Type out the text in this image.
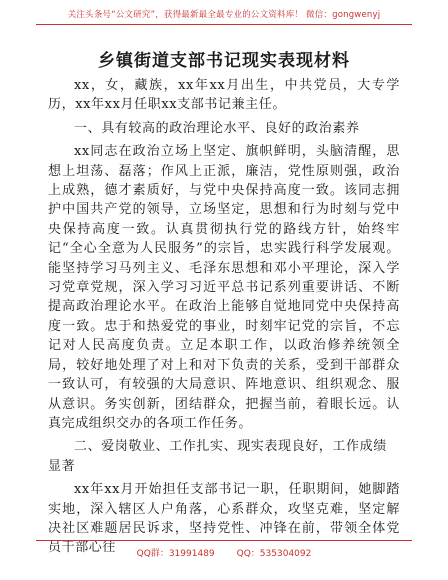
关注头条号“公文研究”，获得最新最全最专业的公文资料库！ 微信：gongwenyj
乡镇街道支部书记现实表现材料

xx，女，藏族，xx年xx月出生，中共党员，大专学历，xx年xx月任职xx支部书记兼主任。

一、具有较高的政治理论水平、良好的政治素养

xx同志在政治立场上坚定、旗帜鲜明，头脑清醒，思想上坦荡、磊落；作风上正派，廉洁，党性原则强，政治上成熟，德才素质好，与党中央保持高度一致。该同志拥护中国共产党的领导，立场坚定，思想和行为时刻与党中央保持高度一致。认真贯彻执行党的路线方针，始终牢记“全心全意为人民服务”的宗旨，忠实践行科学发展观。能坚持学习马列主义、毛泽东思想和邓小平理论，深入学习党章党规，深入学习习近平总书记系列重要讲话、不断提高政治理论水平。在政治上能够自觉地同党中央保持高度一致。忠于和热爱党的事业，时刻牢记党的宗旨，不忘记对人民高度负责。立足本职工作，以政治修养统领全局，较好地处理了对上和对下负责的关系，受到干部群众一致认可，有较强的大局意识、阵地意识、组织观念、服从意识。务实创新，团结群众，把握当前，着眼长远。认真完成组织交办的各项工作任务。

二、爱岗敬业、工作扎实、现实表现良好，工作成绩显著

xx年xx月开始担任支部书记一职，任职期间，她脚踏实地，深入辖区人户角落，心系群众，攻坚克难，坚定解决社区难题居民诉求，坚持党性、冲锋在前，带领全体党员干部心往	QQ群：31991489 QQ：535304092
